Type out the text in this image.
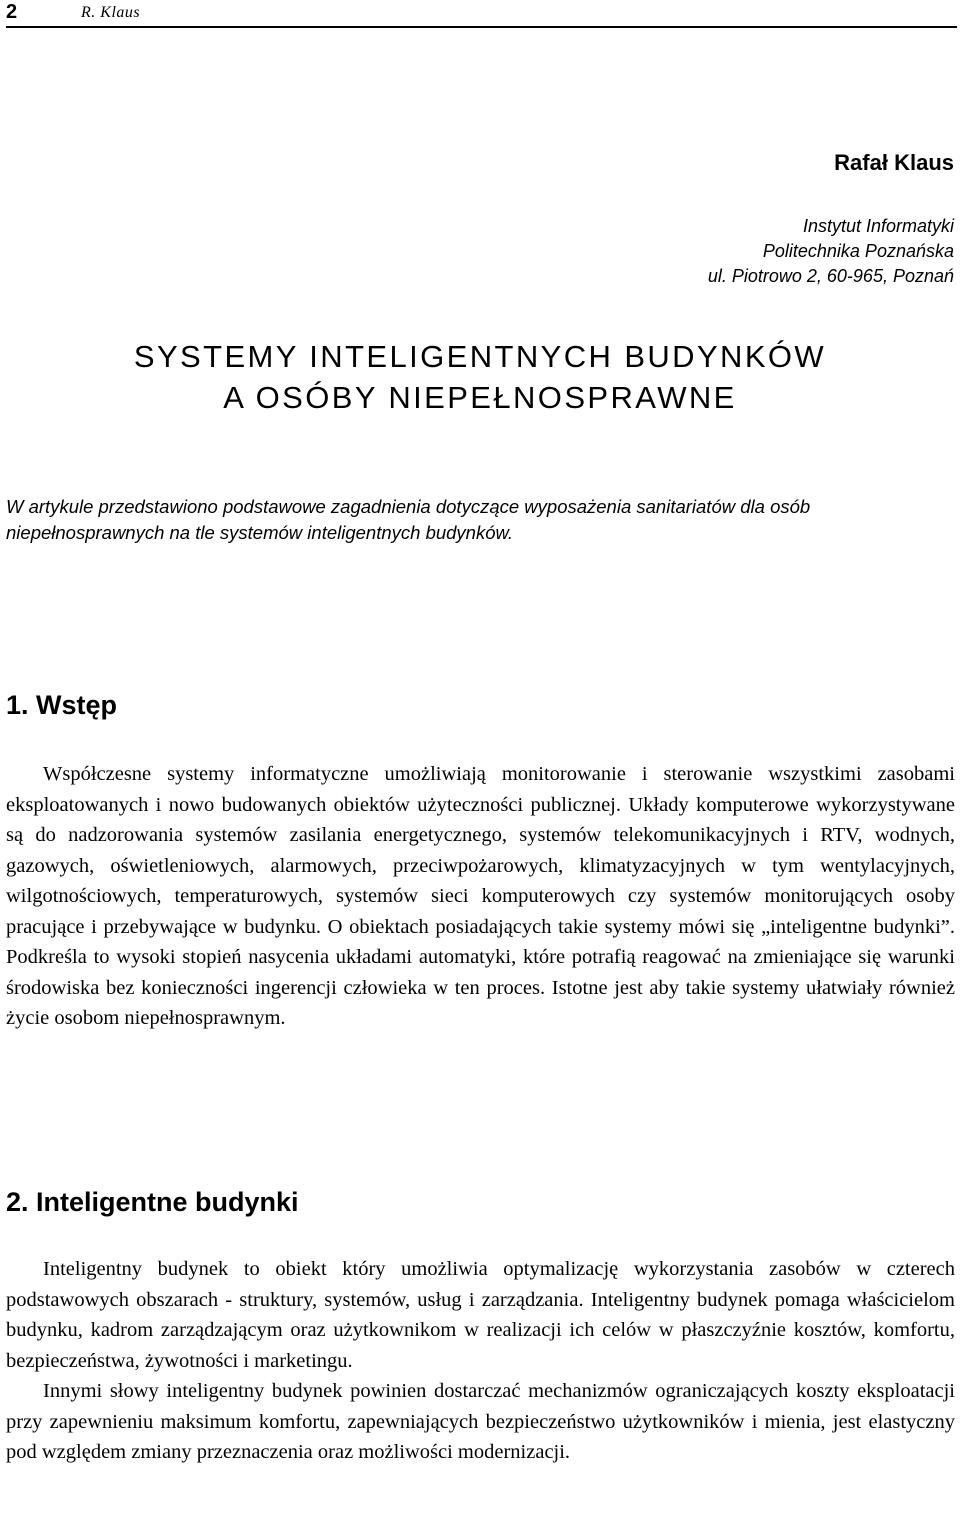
2	R. Klaus
Rafał Klaus
Instytut Informatyki
Politechnika Poznańska
ul. Piotrowo 2, 60-965, Poznań
SYSTEMY INTELIGENTNYCH BUDYNKÓW
A OSÓBY NIEPEŁNOSPRAWNE
W artykule przedstawiono podstawowe zagadnienia dotyczące wyposażenia sanitariatów dla osób niepełnosprawnych na tle systemów inteligentnych budynków.
1. Wstęp

Współczesne systemy informatyczne umożliwiają monitorowanie i sterowanie wszystkimi zasobami eksploatowanych i nowo budowanych obiektów użyteczności publicznej. Układy komputerowe wykorzystywane są do nadzorowania systemów zasilania energetycznego, systemów telekomunikacyjnych i RTV, wodnych, gazowych, oświetleniowych, alarmowych, przeciwpożarowych, klimatyzacyjnych w tym wentylacyjnych, wilgotnościowych, temperaturowych, systemów sieci komputerowych czy systemów monitorujących osoby pracujące i przebywające w budynku. O obiektach posiadających takie systemy mówi się „inteligentne budynki”. Podkreśla to wysoki stopień nasycenia układami automatyki, które potrafią reagować na zmieniające się warunki środowiska bez konieczności ingerencji człowieka w ten proces. Istotne jest aby takie systemy ułatwiały również życie osobom niepełnosprawnym.

2. Inteligentne budynki

Inteligentny budynek to obiekt który umożliwia optymalizację wykorzystania zasobów w czterech podstawowych obszarach - struktury, systemów, usług i zarządzania. Inteligentny budynek pomaga właścicielom budynku, kadrom zarządzającym oraz użytkownikom w realizacji ich celów w płaszczyźnie kosztów, komfortu, bezpieczeństwa, żywotności i marketingu.

Innymi słowy inteligentny budynek powinien dostarczać mechanizmów ograniczających koszty eksploatacji przy zapewnieniu maksimum komfortu, zapewniających bezpieczeństwo użytkowników i mienia, jest elastyczny pod względem zmiany przeznaczenia oraz możliwości modernizacji.
